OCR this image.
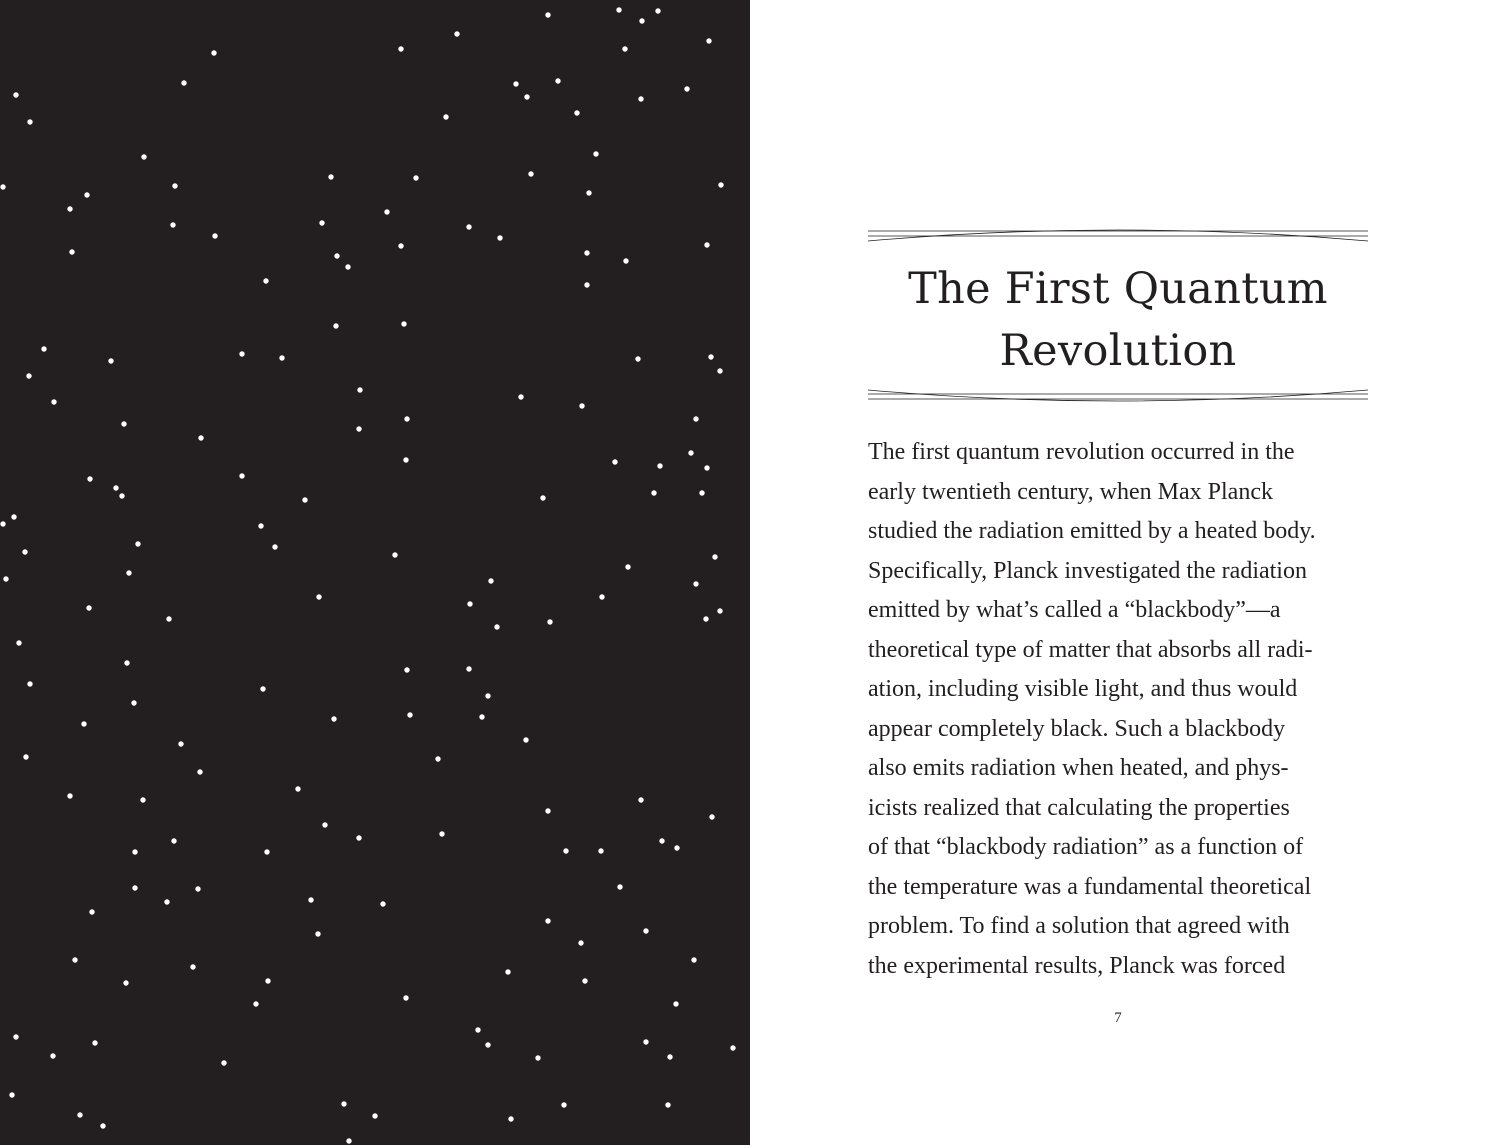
The First Quantum
Revolution
The first quantum revolution occurred in the
early twentieth century, when Max Planck
studied the radiation emitted by a heated body.
Specifically, Planck investigated the radiation
emitted by what’s called a “blackbody”—a
theoretical type of matter that absorbs all radi-
ation, including visible light, and thus would
appear completely black. Such a blackbody
also emits radiation when heated, and phys-
icists realized that calculating the properties
of that “blackbody radiation” as a function of
the temperature was a fundamental theoretical
problem. To find a solution that agreed with
the experimental results, Planck was forced
7
